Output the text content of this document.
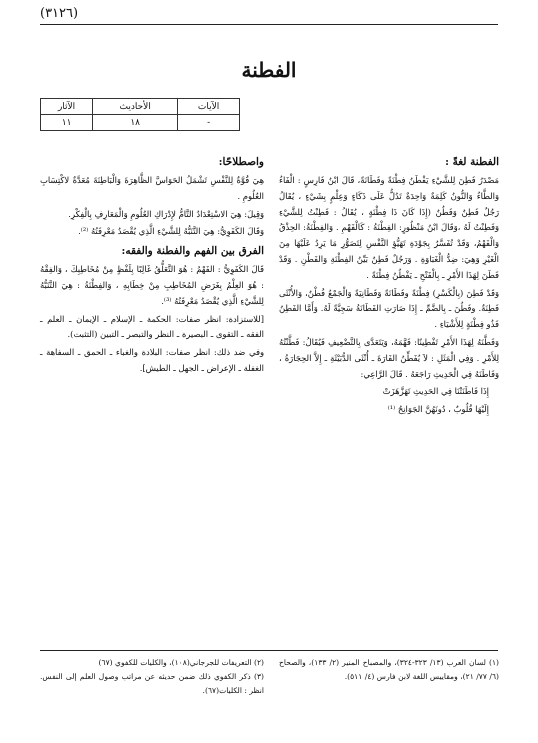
(٣١٢٦)
الفطنة
الآيات	الأحاديث	الآثار
-	١٨	١١
الفطنة لغةً :

مَصْدَرُ فَطِنَ لِلشَّيْءِ يَفْطَنُ فِطْنَةً وفَطَانَةً، قَالَ ابْنُ فَارِسٍ : الْفَاءُ وَالطَّاءُ وَالنُّونُ كَلِمَةٌ وَاحِدَةٌ تَدُلُّ عَلَى ذَكَاءٍ وَعِلْمٍ بِشَيْءٍ ، يُقَالُ رَجُلٌ فَطِنٌ وَفَطُنٌ (إِذَا كَانَ ذَا فِطْنَةٍ ، يُقَالُ : فَطِنْتُ لِلشَّيْءِ وَفَطِنْتُ لَهُ ،وَقَالَ ابْنُ مَنْظُورٍ: الفِطْنَةُ : كَالْفَهْمِ . وَالفِطْنَةُ: الحِذْقُ وَالْفَهْمُ، وَقَدْ تُفَسَّرُ بِجَوْدَةِ تَهَيُّؤِ النَّفْسِ لِتَصَوُّرِ مَا يَرِدُ عَلَيْهَا مِنَ الْغَيْرِ وَهِيَ: ضِدُّ الْغَبَاوَةِ . وَرَجُلٌ فَطِنٌ بَيِّنُ الفِطْنَةِ وَالفَطْنِ . وَقَدْ فَطَنَ لِهَذَا الأَمْرِ ـ بِالْفَتْحِ ـ يَفْطُنُ فِطْنَةً .

وَقَدْ فَطِنَ (بِالْكَسْرِ) فِطْنَةً وفَطَانَةً وَفَطَانِيَةً وَالْجَمْعُ فُطْنٌ، وَالأُنْثَى فَطِنَةٌ. وفَطُنَ ـ بِالضَّمِّ ـ إِذَا صَارَتِ الفَطَانَةُ سَجِيَّةً لَهُ. وَأَمَّا الفَطِنُ فَذُو فِطْنَةٍ لِلأَشْيَاءِ .

وَفَطَّنَهُ لِهَذَا الأَمْرِ تَفْطِينًا: فَهَّمَهُ، وَيَتَعَدَّى بِالتَّضْعِيفِ فَيُقَالُ: فَطَّنْتُهُ لِلأَمْرِ . وَفِي الْمَثَلِ : لاَ يُفَطِّنُ الفَارَةَ ـ أُنْثَى الدُّبَيْثَةِ ـ إِلاَّ الحِجَارَةُ ، وَفَاطَنَهُ فِي الْحَدِيثِ رَاجَعَهُ . قَالَ الرَّاعِي:

إِذَا فَاطَنَتْنَا فِي الحَدِيثِ تَهَزَّهَزَتْ
إِلَيْهَا قُلُوبٌ ، دُونَهُنَّ الجَوَانِحُ ⁽¹⁾
واصطلاحًا:

هِيَ قُوَّةٌ لِلنَّفْسِ تَشْمَلُ الحَوَاسَّ الظَّاهِرَةَ وَالْبَاطِنَةَ مُعَدَّةٌ لاكْتِسَابِ العُلُومِ .

وَقِيلَ: هِيَ الاسْتِعْدَادُ التَّامُّ لإِدْرَاكِ العُلُومِ وَالْمَعَارِفِ بِالْفِكْرِ.

وَقَالَ الكَفَوِيُّ: هِيَ التَّنَبُّهُ لِلشَّيْءِ الَّذِي يُقْصَدُ مَعْرِفَتُهُ ⁽²⁾.

الفرق بين الفهم والفطنة والفقه:

قَالَ الكَفَوِيُّ : الفَهْمُ : هُوَ التَّعَلُّقُ غَالِبًا بِلَفْظٍ مِنْ مُخَاطِبِكَ ، وَالفِقْهُ : هُوَ العِلْمُ بِغَرَضِ المُخَاطِبِ مِنْ خِطَابِهِ ، وَالفِطْنَةُ : هِيَ التَّنَبُّهُ لِلشَّيْءِ الَّذِي يُقْصَدُ مَعْرِفَتُهُ ⁽³⁾.

[للاستزادة: انظر صفات: الحكمة ـ الإسلام ـ الإيمان ـ العلم ـ الفقه ـ التقوى ـ البصيرة ـ النظر والتبصر ـ التبين (التثبت).

وفي ضد ذلك: انظر صفات: البلادة والغباء ـ الحمق ـ السفاهة ـ الغفلة ـ الإعراض ـ الجهل ـ الطيش].

(١) لسان العرب (١٣/ ٣٢٣-٣٢٤)، والمصباح المنير (٢/ ١٣٣)، والصحاح (٦/ ٧٧/ ٢١)، ومقاييس اللغة لابن فارس (٤/ ٥١١).
(٢) التعريفات للجرجاني(١٠٨)، والكليات للكفوي (٦٧)
(٣) ذكر الكفوي ذلك ضمن حديثه عن مراتب وصول العلم إلى النفس. انظر : الكليات(٦٧).
